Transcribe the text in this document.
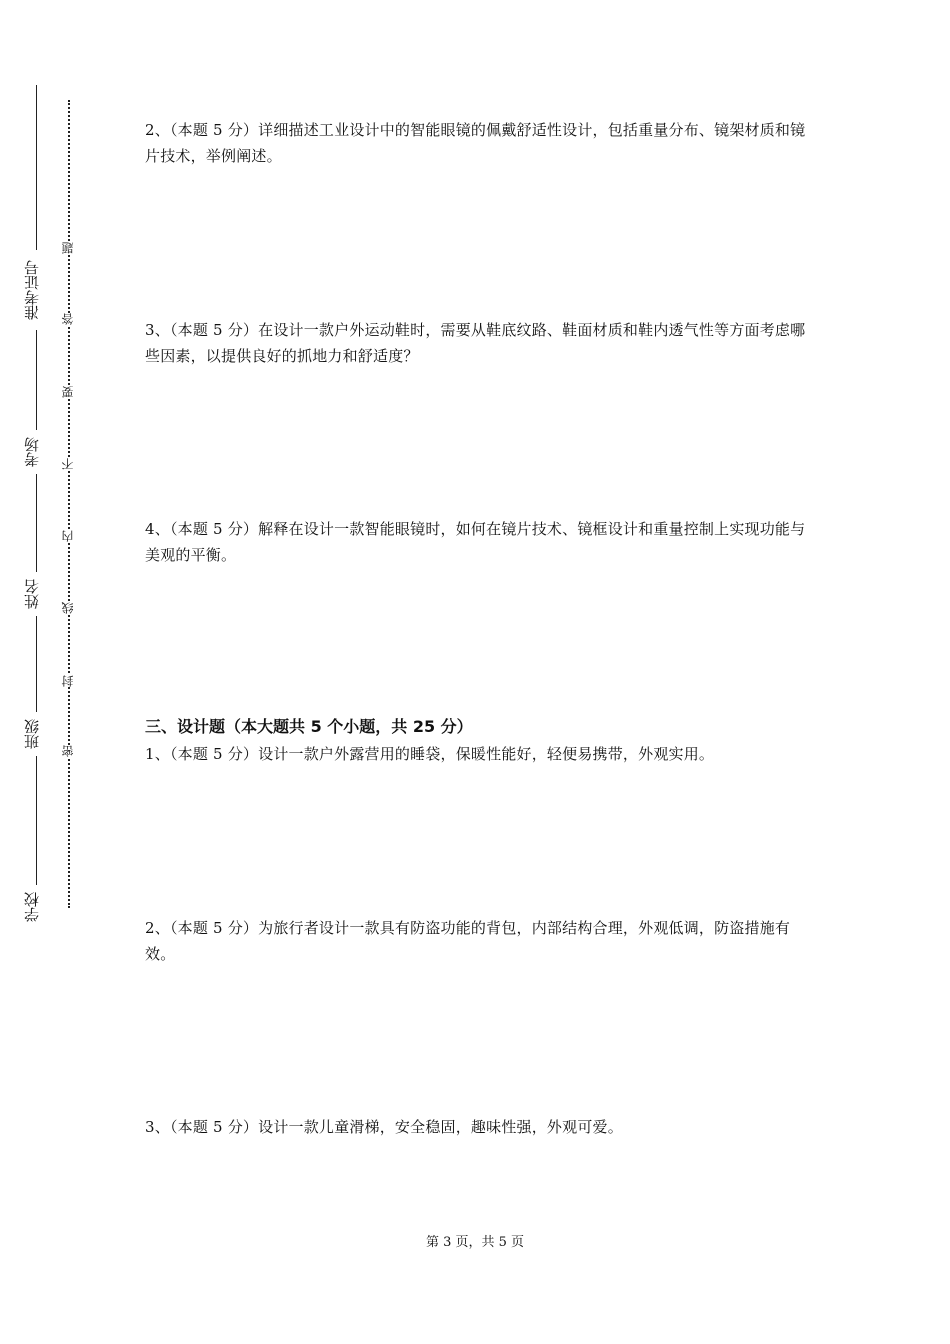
准考证号
考场
姓名
班级
学校
题
答
要
不
内
线
封
密
2、（本题 5 分）详细描述工业设计中的智能眼镜的佩戴舒适性设计，包括重量分布、镜架材质和镜片技术，举例阐述。
3、（本题 5 分）在设计一款户外运动鞋时，需要从鞋底纹路、鞋面材质和鞋内透气性等方面考虑哪些因素，以提供良好的抓地力和舒适度？
4、（本题 5 分）解释在设计一款智能眼镜时，如何在镜片技术、镜框设计和重量控制上实现功能与美观的平衡。
三、设计题（本大题共 5 个小题，共 25 分）
1、（本题 5 分）设计一款户外露营用的睡袋，保暖性能好，轻便易携带，外观实用。
2、（本题 5 分）为旅行者设计一款具有防盗功能的背包，内部结构合理，外观低调，防盗措施有效。
3、（本题 5 分）设计一款儿童滑梯，安全稳固，趣味性强，外观可爱。
第 3 页，共 5 页
